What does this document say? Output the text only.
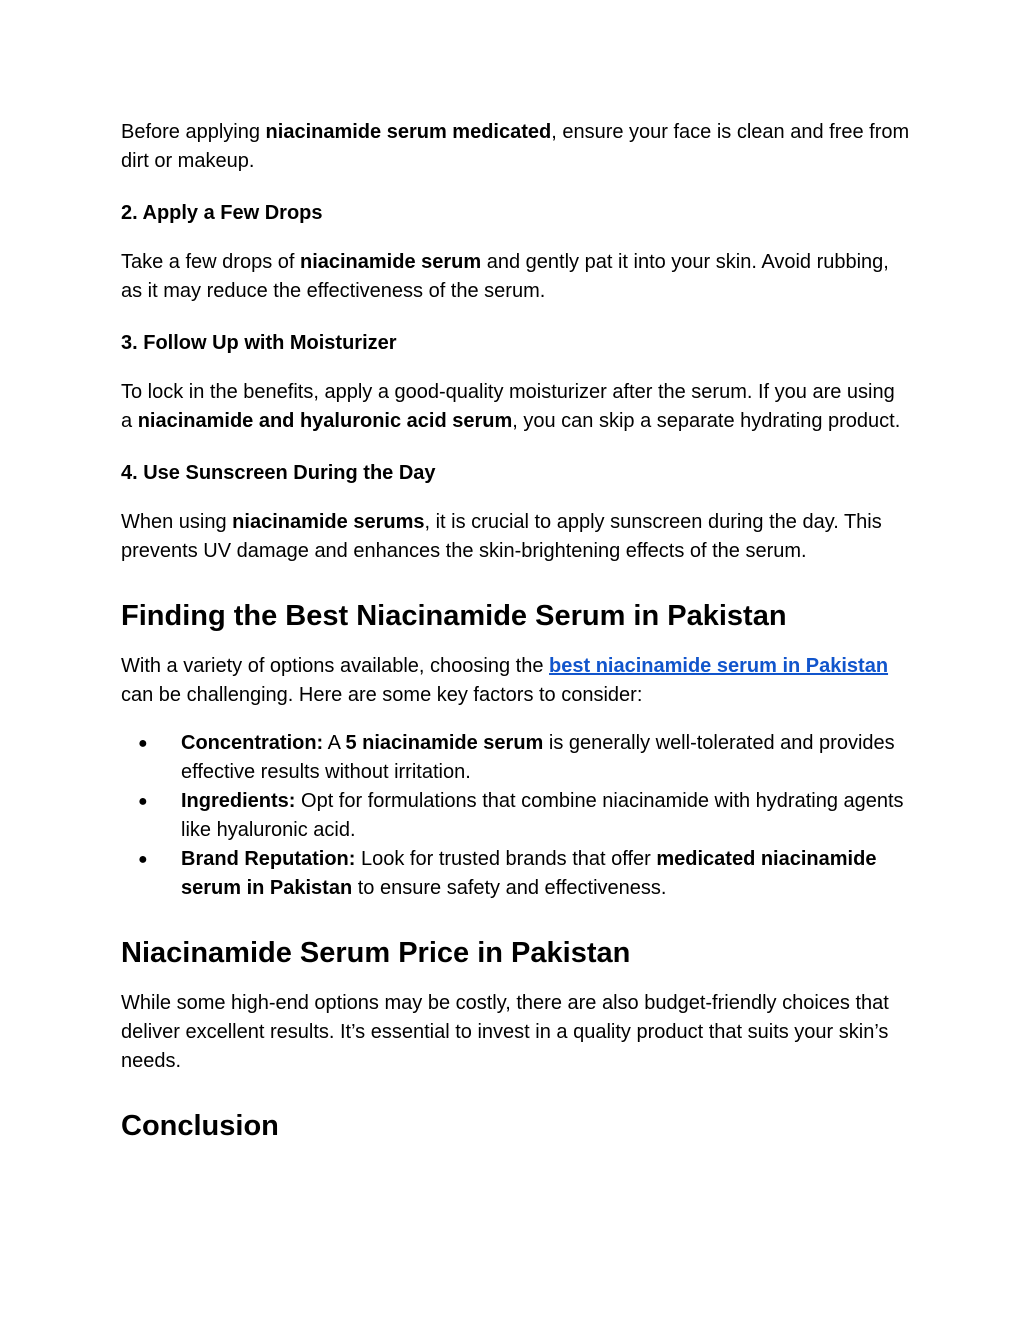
Before applying niacinamide serum medicated, ensure your face is clean and free from dirt or makeup.

2. Apply a Few Drops

Take a few drops of niacinamide serum and gently pat it into your skin. Avoid rubbing, as it may reduce the effectiveness of the serum.

3. Follow Up with Moisturizer

To lock in the benefits, apply a good-quality moisturizer after the serum. If you are using a niacinamide and hyaluronic acid serum, you can skip a separate hydrating product.

4. Use Sunscreen During the Day

When using niacinamide serums, it is crucial to apply sunscreen during the day. This prevents UV damage and enhances the skin-brightening effects of the serum.

Finding the Best Niacinamide Serum in Pakistan

With a variety of options available, choosing the best niacinamide serum in Pakistan can be challenging. Here are some key factors to consider:

● Concentration: A 5 niacinamide serum is generally well-tolerated and provides effective results without irritation.
● Ingredients: Opt for formulations that combine niacinamide with hydrating agents like hyaluronic acid.
● Brand Reputation: Look for trusted brands that offer medicated niacinamide serum in Pakistan to ensure safety and effectiveness.
Niacinamide Serum Price in Pakistan

While some high-end options may be costly, there are also budget-friendly choices that deliver excellent results. It’s essential to invest in a quality product that suits your skin’s needs.

Conclusion
